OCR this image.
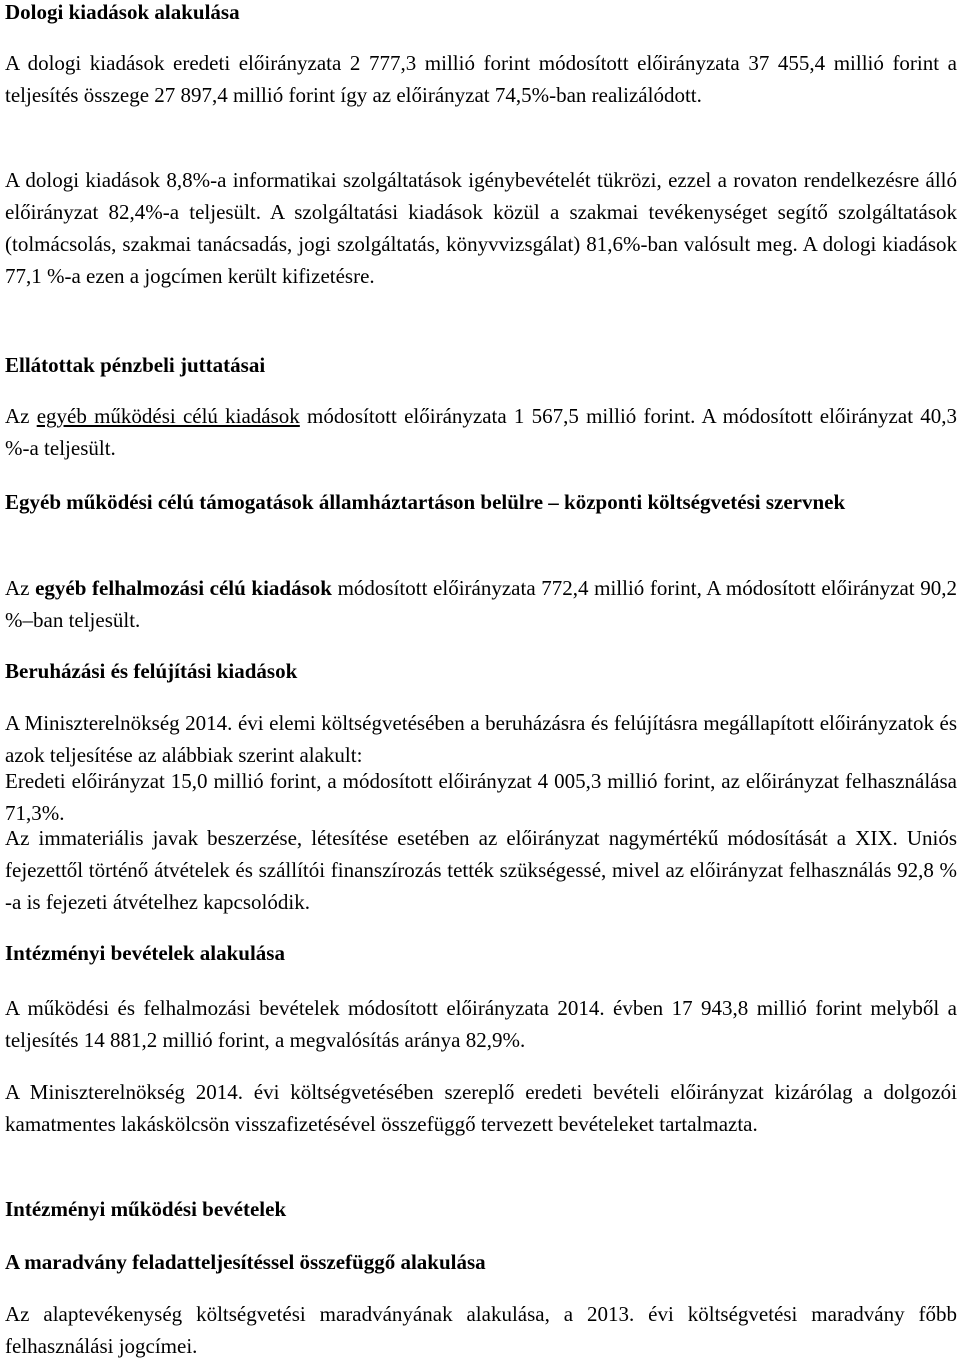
Dologi kiadások alakulása

A dologi kiadások eredeti előirányzata 2 777,3 millió forint módosított előirányzata 37 455,4 millió forint a teljesítés összege 27 897,4 millió forint így az előirányzat 74,5%-ban realizálódott.

A dologi kiadások 8,8%-a informatikai szolgáltatások igénybevételét tükrözi, ezzel a rovaton rendelkezésre álló előirányzat 82,4%-a teljesült. A szolgáltatási kiadások közül a szakmai tevékenységet segítő szolgáltatások (tolmácsolás, szakmai tanácsadás, jogi szolgáltatás, könyvvizsgálat) 81,6%-ban valósult meg. A dologi kiadások 77,1 %-a ezen a jogcímen került kifizetésre.

Ellátottak pénzbeli juttatásai

Az egyéb működési célú kiadások módosított előirányzata 1 567,5 millió forint. A módosított előirányzat 40,3 %-a teljesült.

Egyéb működési célú támogatások államháztartáson belülre – központi költségvetési szervnek

Az egyéb felhalmozási célú kiadások módosított előirányzata 772,4 millió forint, A módosított előirányzat 90,2 %–ban teljesült.

Beruházási és felújítási kiadások

A Miniszterelnökség 2014. évi elemi költségvetésében a beruházásra és felújításra megállapított előirányzatok és azok teljesítése az alábbiak szerint alakult:

Eredeti előirányzat 15,0 millió forint, a módosított előirányzat 4 005,3 millió forint, az előirányzat felhasználása 71,3%.

Az immateriális javak beszerzése, létesítése esetében az előirányzat nagymértékű módosítását a XIX. Uniós fejezettől történő átvételek és szállítói finanszírozás tették szükségessé, mivel az előirányzat felhasználás 92,8 % -a is fejezeti átvételhez kapcsolódik.

Intézményi bevételek alakulása

A működési és felhalmozási bevételek módosított előirányzata 2014. évben 17 943,8 millió forint melyből a teljesítés 14 881,2 millió forint, a megvalósítás aránya 82,9%.

A Miniszterelnökség 2014. évi költségvetésében szereplő eredeti bevételi előirányzat kizárólag a dolgozói kamatmentes lakáskölcsön visszafizetésével összefüggő tervezett bevételeket tartalmazta.

Intézményi működési bevételek

A maradvány feladatteljesítéssel összefüggő alakulása

Az alaptevékenység költségvetési maradványának alakulása, a 2013. évi költségvetési maradvány főbb felhasználási jogcímei.
